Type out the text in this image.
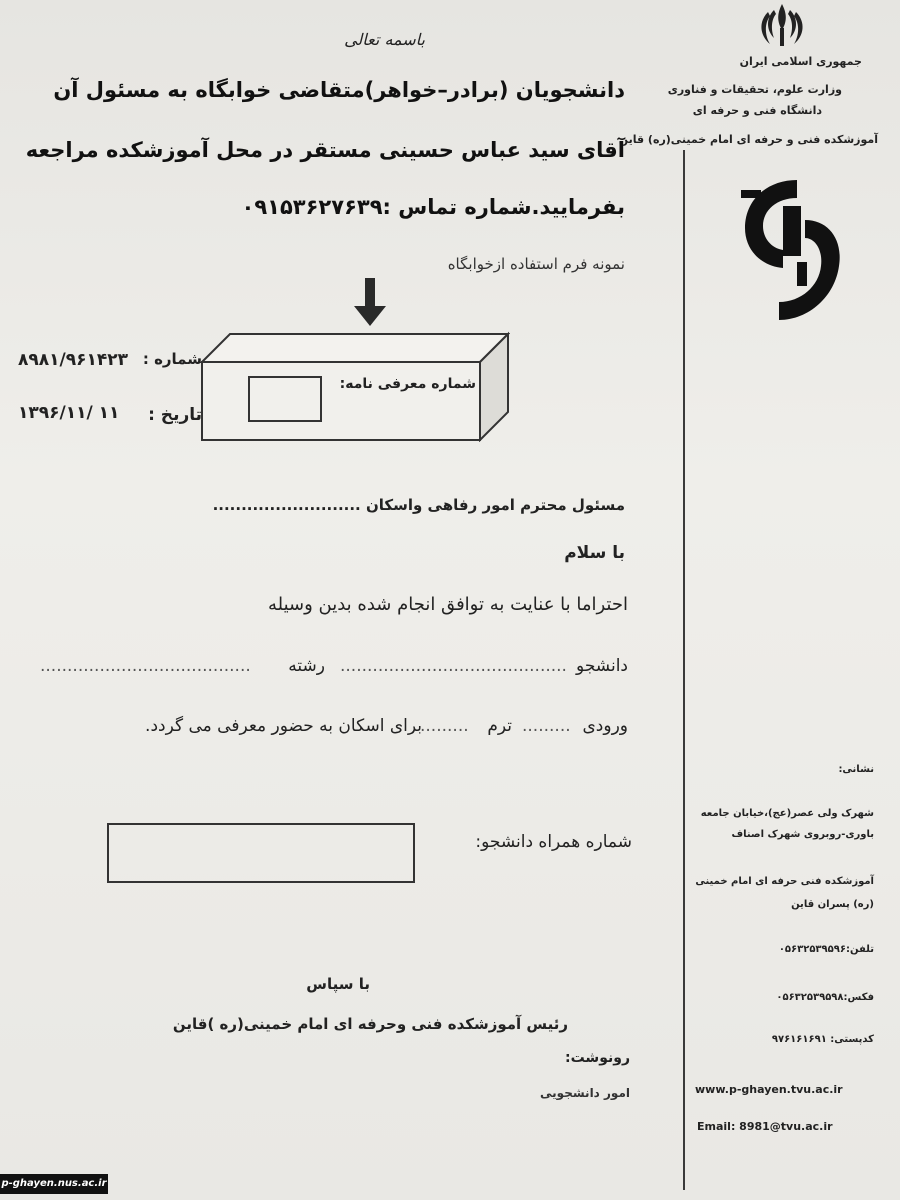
جمهوری اسلامی ایران
وزارت علوم، تحقیقات و فناوری
دانشگاه فنی و حرفه ای
آموزشکده فنی و حرفه ای امام خمینی(ره) قاین
باسمه تعالی
دانشجویان (برادر–خواهر)متقاضی خوابگاه به مسئول آن
آقای سید عباس حسینی مستقر در محل آموزشکده مراجعه
بفرمایید.شماره تماس :۰۹۱۵۳۶۲۷۶۳۹
نمونه فرم استفاده ازخوابگاه
شماره معرفی نامه:
شماره :
۸۹۸۱/۹۶۱۴۲۳
تاریخ :
۱۳۹۶/۱۱/ ۱۱
مسئول محترم امور رفاهی واسکان ..........................
با سلام
احتراما با عنایت به توافق انجام شده بدین وسیله
دانشجو
..........................................
رشته
.......................................
ورودی
.........
ترم
.........
برای اسکان به حضور معرفی می گردد.
شماره همراه دانشجو:
با سپاس
رئیس آموزشکده فنی وحرفه ای امام خمینی(ره )قاین
رونوشت:
امور دانشجویی
نشانی:
شهرک ولی عصر(عج)،خیابان جامعه
باوری-روبروی شهرک اصناف
آموزشکده فنی حرفه ای امام خمینی
(ره) پسران قاین
تلفن:۰۵۶۳۲۵۳۹۵۹۶
فکس:۰۵۶۳۲۵۳۹۵۹۸
کدپستی: ۹۷۶۱۶۱۶۹۱
www.p-ghayen.tvu.ac.ir
Email: 8981@tvu.ac.ir
p-ghayen.nus.ac.ir
